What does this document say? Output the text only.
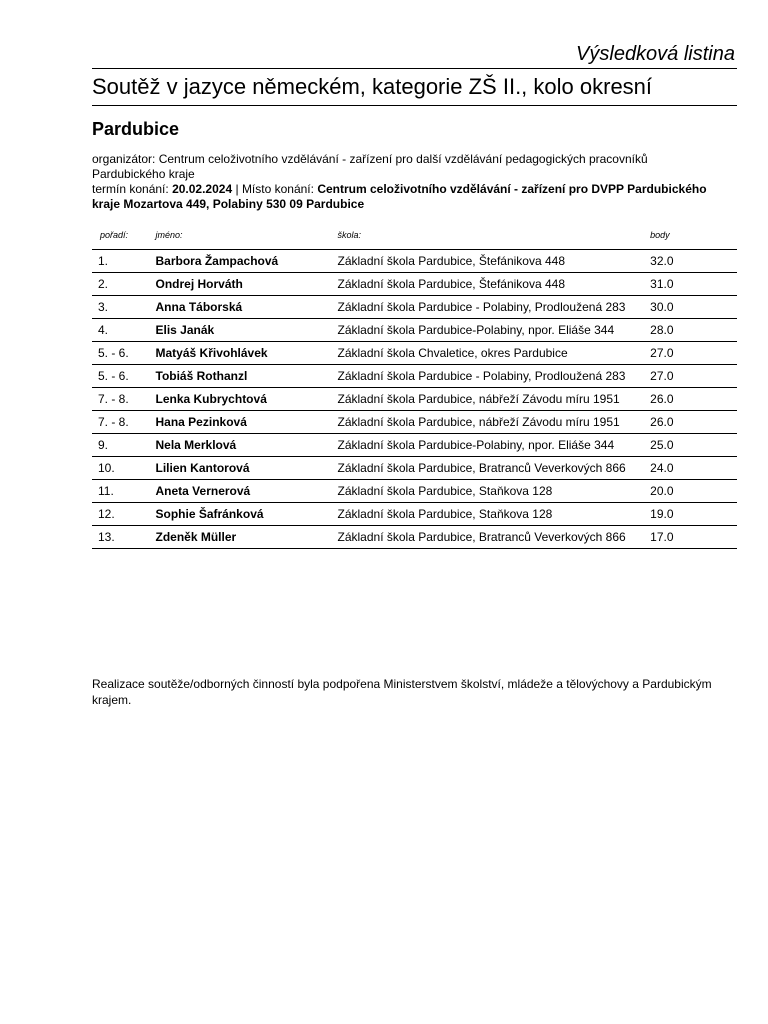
Výsledková listina
Soutěž v jazyce německém, kategorie ZŠ II., kolo okresní
Pardubice
organizátor: Centrum celoživotního vzdělávání - zařízení pro další vzdělávání pedagogických pracovníků Pardubického kraje
termín konání: 20.02.2024 | Místo konání: Centrum celoživotního vzdělávání - zařízení pro DVPP Pardubického kraje Mozartova 449, Polabiny 530 09 Pardubice
pořadí:	jméno:	škola:	body
1.	Barbora Žampachová	Základní škola Pardubice, Štefánikova 448	32.0
2.	Ondrej Horváth	Základní škola Pardubice, Štefánikova 448	31.0
3.	Anna Táborská	Základní škola Pardubice - Polabiny, Prodloužená 283	30.0
4.	Elis Janák	Základní škola Pardubice-Polabiny, npor. Eliáše 344	28.0
5. - 6.	Matyáš Křivohlávek	Základní škola Chvaletice, okres Pardubice	27.0
5. - 6.	Tobiáš Rothanzl	Základní škola Pardubice - Polabiny, Prodloužená 283	27.0
7. - 8.	Lenka Kubrychtová	Základní škola Pardubice, nábřeží Závodu míru 1951	26.0
7. - 8.	Hana Pezinková	Základní škola Pardubice, nábřeží Závodu míru 1951	26.0
9.	Nela Merklová	Základní škola Pardubice-Polabiny, npor. Eliáše 344	25.0
10.	Lilien Kantorová	Základní škola Pardubice, Bratranců Veverkových 866	24.0
11.	Aneta Vernerová	Základní škola Pardubice, Staňkova 128	20.0
12.	Sophie Šafránková	Základní škola Pardubice, Staňkova 128	19.0
13.	Zdeněk Müller	Základní škola Pardubice, Bratranců Veverkových 866	17.0
Realizace soutěže/odborných činností byla podpořena Ministerstvem školství, mládeže a tělovýchovy a Pardubickým krajem.
